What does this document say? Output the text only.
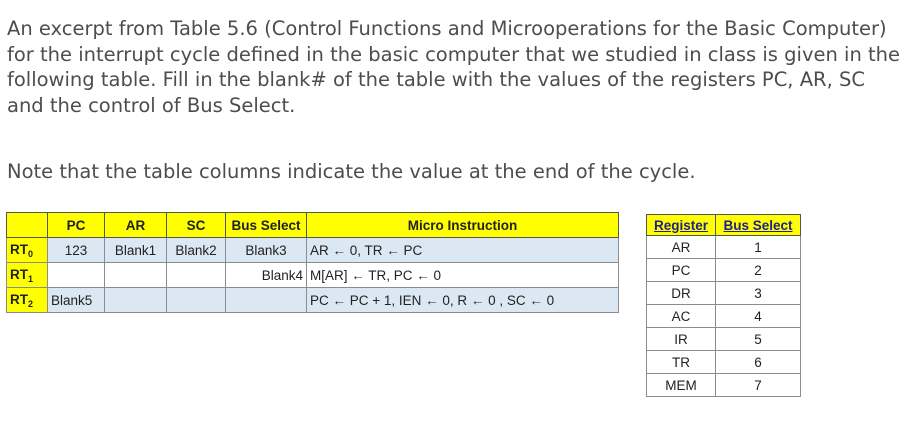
An excerpt from Table 5.6 (Control Functions and Microoperations for the Basic Computer) for the interrupt cycle defined in the basic computer that we studied in class is given in the following table. Fill in the blank# of the table with the values of the registers PC, AR, SC and the control of Bus Select.

Note that the table columns indicate the value at the end of the cycle.

	PC	AR	SC	Bus Select	Micro Instruction
$RT_0$	123	Blank1	Blank2	Blank3	AR ← 0, TR ← PC
$RT_1$				Blank4	M[AR] ← TR, PC ← 0
$RT_2$	Blank5				PC ← PC + 1, IEN ← 0, R ← 0 , SC ← 0
Register	Bus Select
AR	1
PC	2
DR	3
AC	4
IR	5
TR	6
MEM	7
